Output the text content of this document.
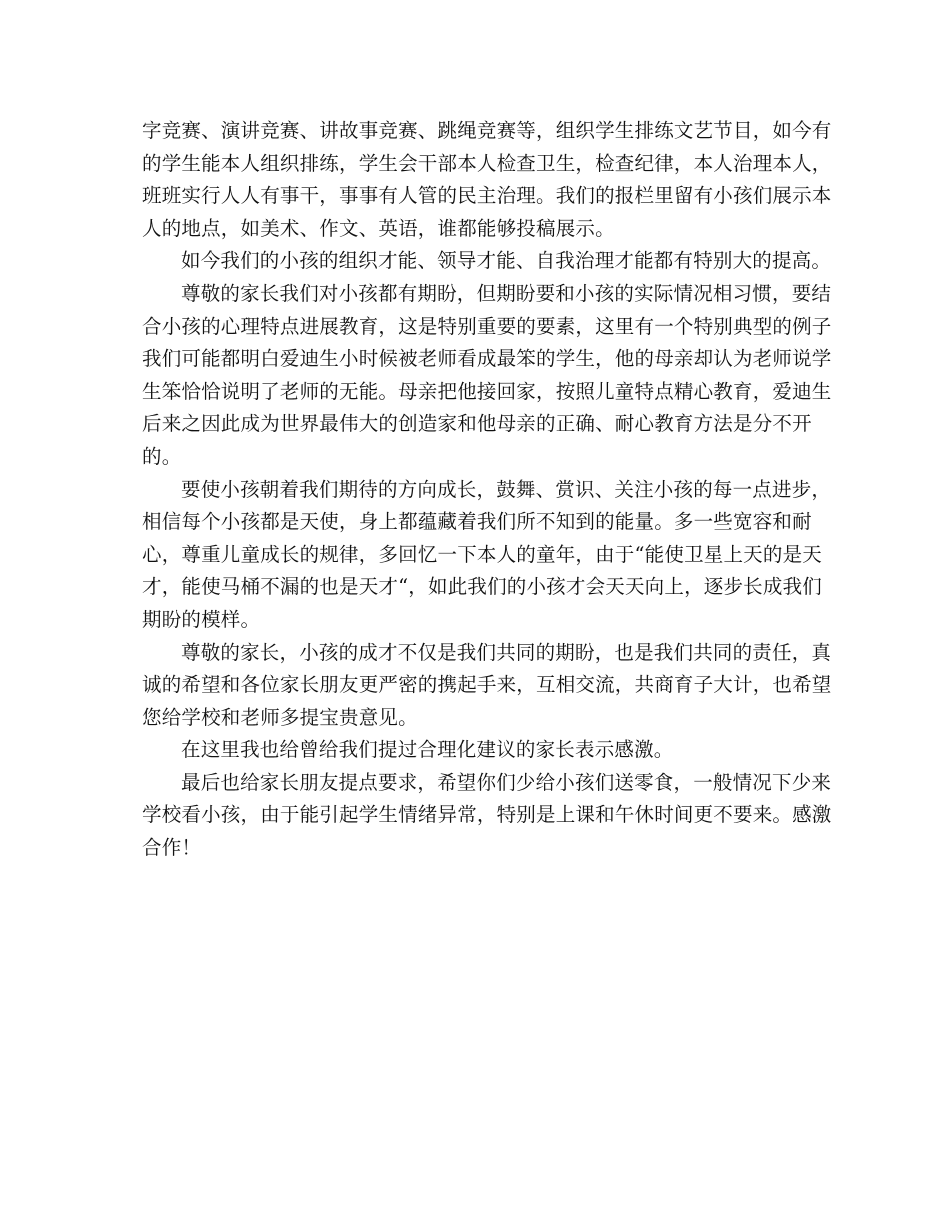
字竞赛、演讲竞赛、讲故事竞赛、跳绳竞赛等，组织学生排练文艺节目，如今有的学生能本人组织排练，学生会干部本人检查卫生，检查纪律，本人治理本人，班班实行人人有事干，事事有人管的民主治理。我们的报栏里留有小孩们展示本人的地点，如美术、作文、英语，谁都能够投稿展示。

如今我们的小孩的组织才能、领导才能、自我治理才能都有特别大的提高。

尊敬的家长我们对小孩都有期盼，但期盼要和小孩的实际情况相习惯，要结合小孩的心理特点进展教育，这是特别重要的要素，这里有一个特别典型的例子我们可能都明白爱迪生小时候被老师看成最笨的学生，他的母亲却认为老师说学生笨恰恰说明了老师的无能。母亲把他接回家，按照儿童特点精心教育，爱迪生后来之因此成为世界最伟大的创造家和他母亲的正确、耐心教育方法是分不开的。

要使小孩朝着我们期待的方向成长，鼓舞、赏识、关注小孩的每一点进步，相信每个小孩都是天使，身上都蕴藏着我们所不知到的能量。多一些宽容和耐心，尊重儿童成长的规律，多回忆一下本人的童年，由于“能使卫星上天的是天才，能使马桶不漏的也是天才“，如此我们的小孩才会天天向上，逐步长成我们期盼的模样。

尊敬的家长，小孩的成才不仅是我们共同的期盼，也是我们共同的责任，真诚的希望和各位家长朋友更严密的携起手来，互相交流，共商育子大计，也希望您给学校和老师多提宝贵意见。

在这里我也给曾给我们提过合理化建议的家长表示感激。

最后也给家长朋友提点要求，希望你们少给小孩们送零食，一般情况下少来学校看小孩，由于能引起学生情绪异常，特别是上课和午休时间更不要来。感激合作！
